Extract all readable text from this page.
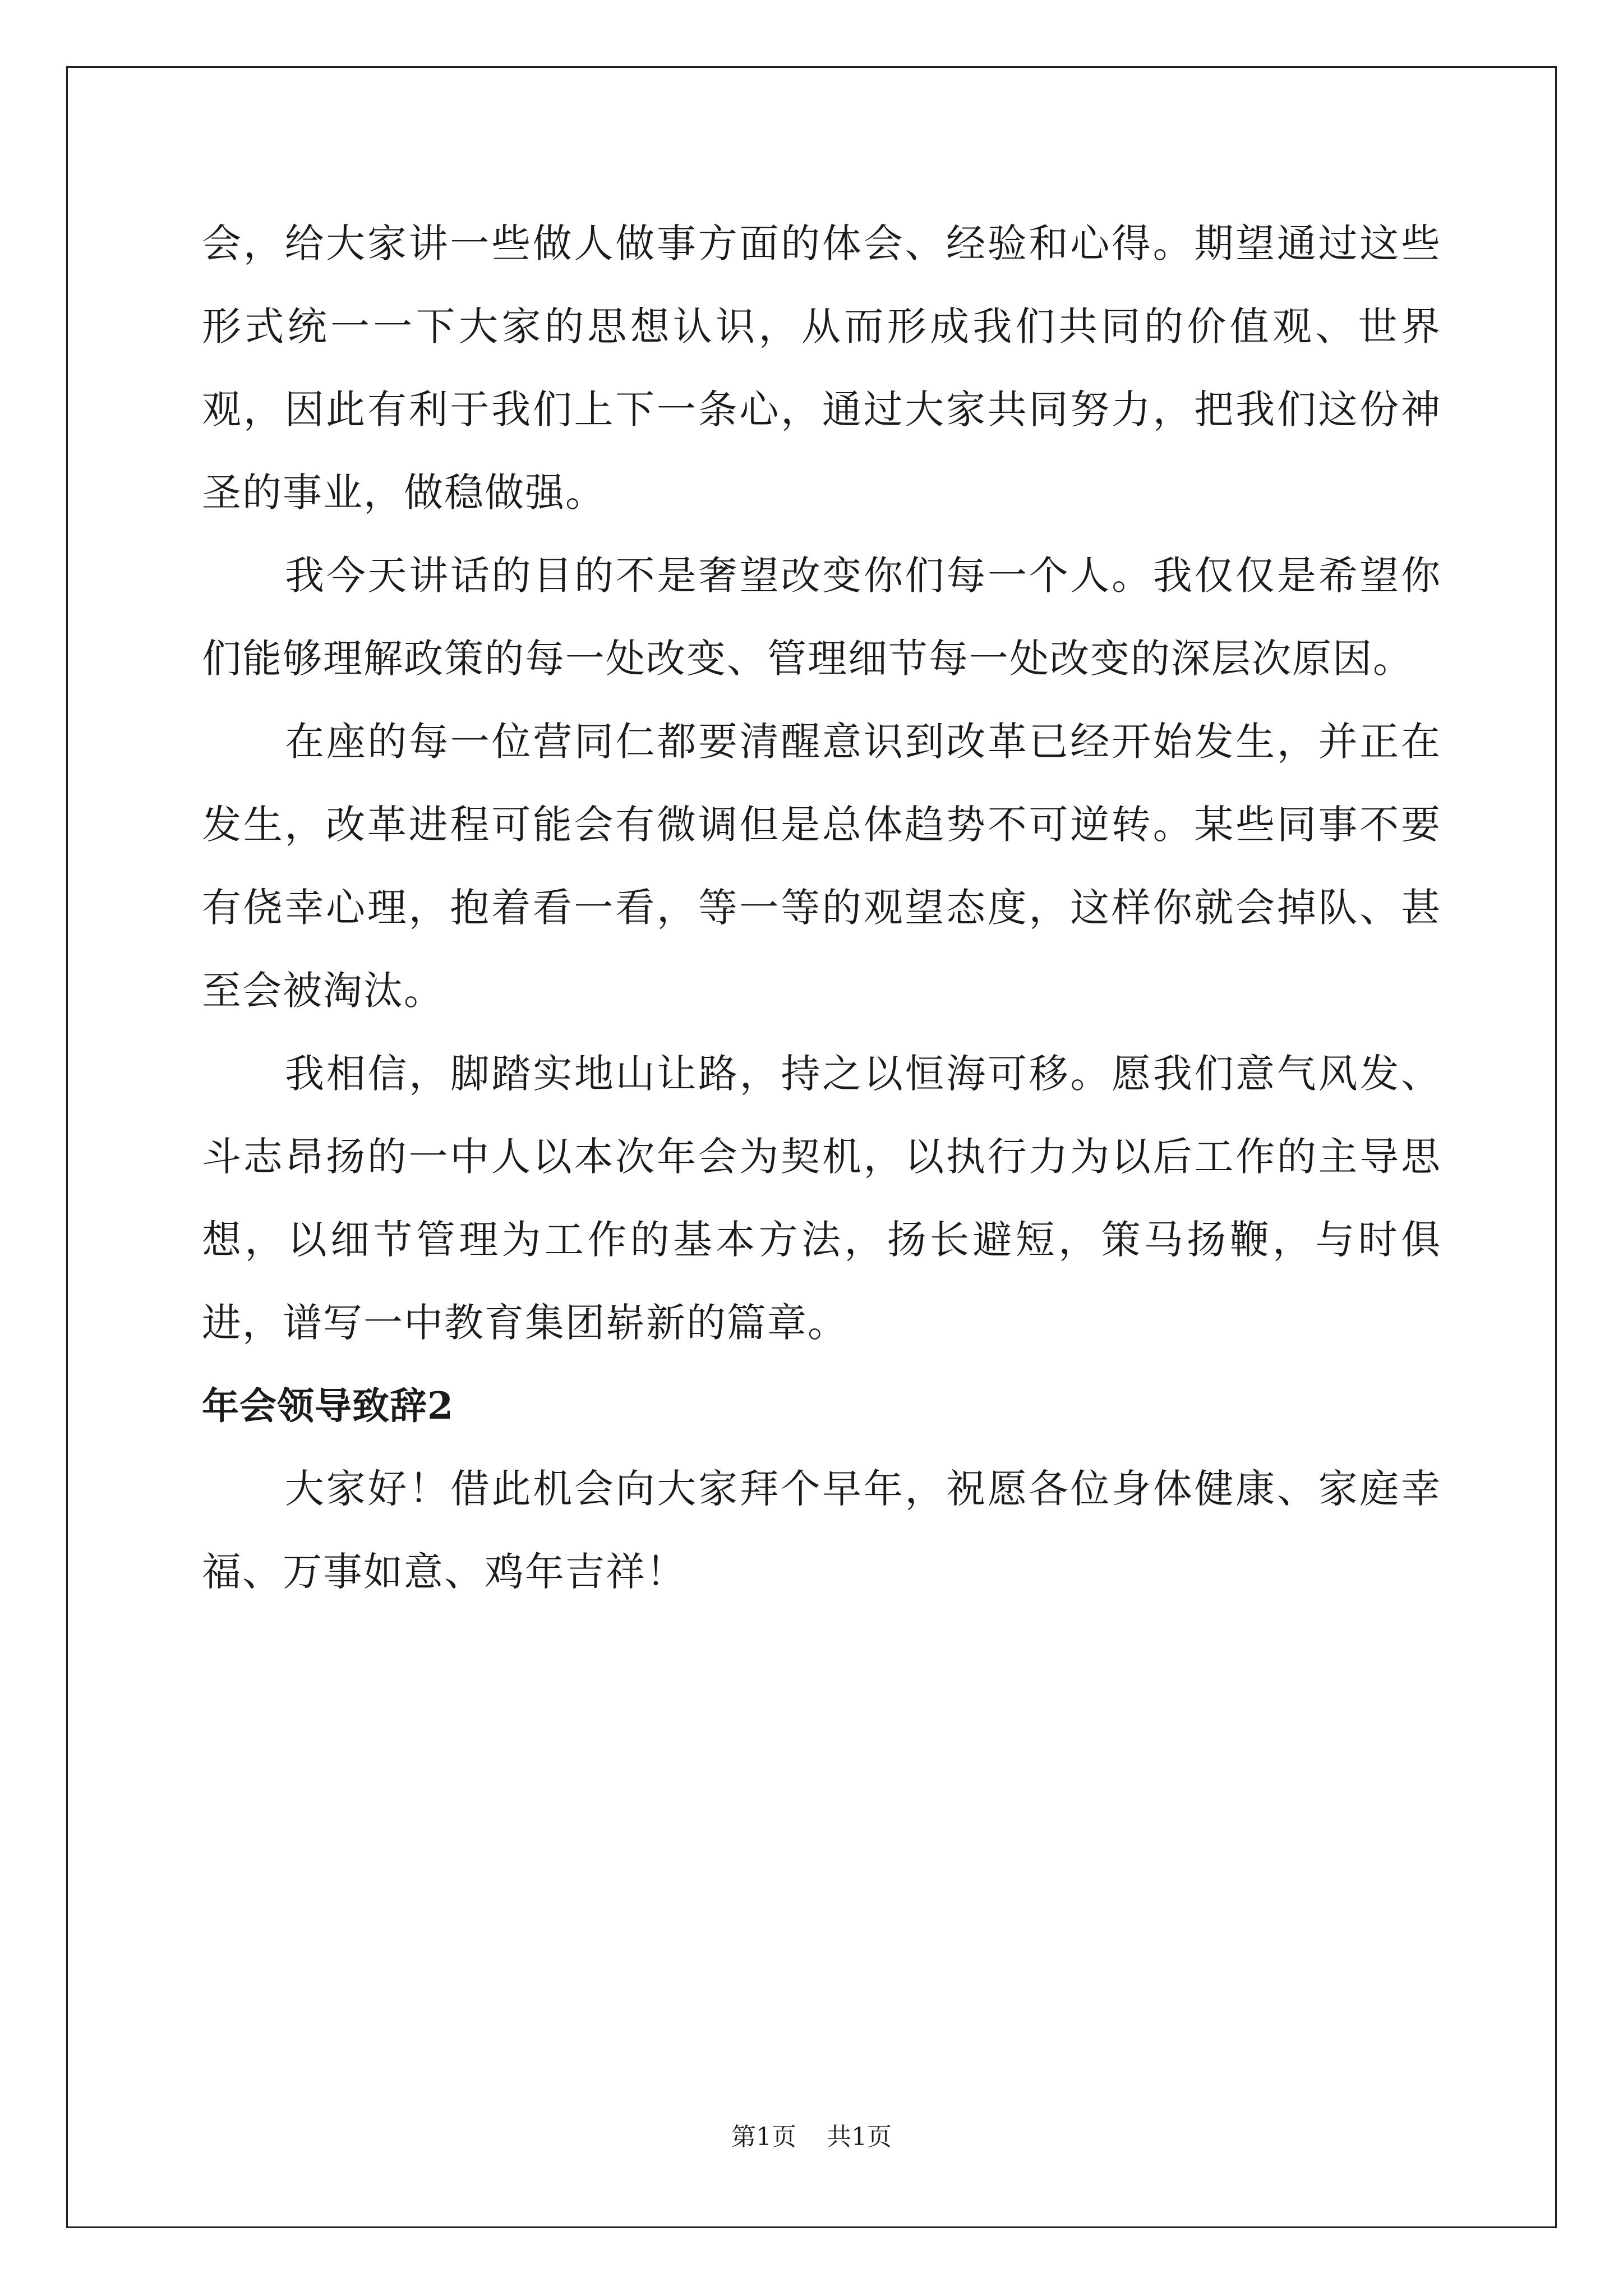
会，给大家讲一些做人做事方面的体会、经验和心得。期望通过这些形式统一一下大家的思想认识，从而形成我们共同的价值观、世界观，因此有利于我们上下一条心，通过大家共同努力，把我们这份神圣的事业，做稳做强。

我今天讲话的目的不是奢望改变你们每一个人。我仅仅是希望你们能够理解政策的每一处改变、管理细节每一处改变的深层次原因。

在座的每一位营同仁都要清醒意识到改革已经开始发生，并正在发生，改革进程可能会有微调但是总体趋势不可逆转。某些同事不要有侥幸心理，抱着看一看，等一等的观望态度，这样你就会掉队、甚至会被淘汰。

我相信，脚踏实地山让路，持之以恒海可移。愿我们意气风发、斗志昂扬的一中人以本次年会为契机，以执行力为以后工作的主导思想，以细节管理为工作的基本方法，扬长避短，策马扬鞭，与时俱进，谱写一中教育集团崭新的篇章。

年会领导致辞2

大家好！借此机会向大家拜个早年，祝愿各位身体健康、家庭幸福、万事如意、鸡年吉祥！

第1页 共1页
